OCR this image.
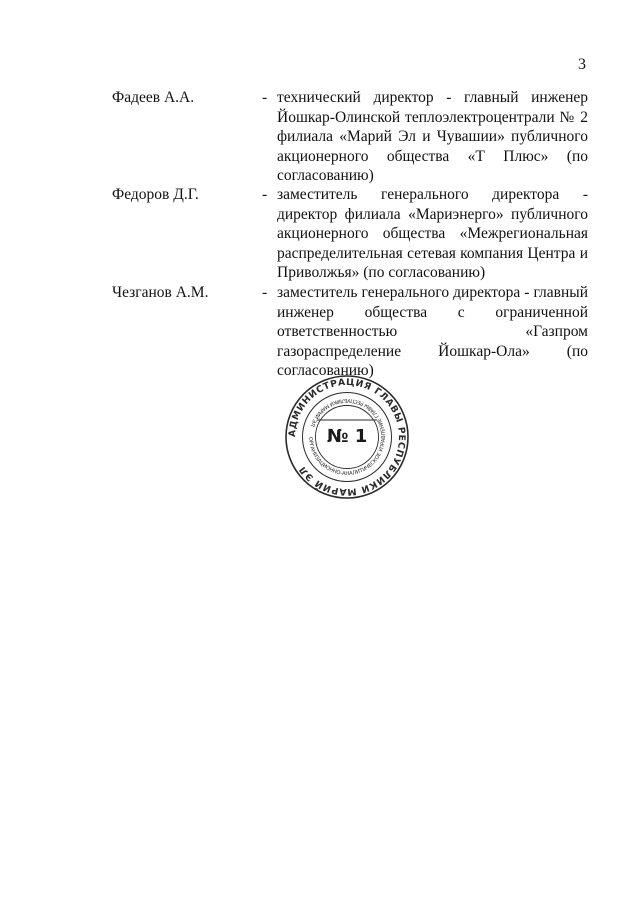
3
Фадеев А.А.	- технический директор - главный инженер Йошкар-Олинской теплоэлектроцентрали № 2 филиала «Марий Эл и Чувашии» публичного акционерного общества «Т Плюс» (по согласованию)
Федоров Д.Г.	- заместитель генерального директора - директор филиала «Мариэнерго» публичного акционерного общества «Межрегиональная распределительная сетевая компания Центра и Приволжья» (по согласованию)
Чезганов А.М.	- заместитель генерального директора - главный инженер общества с ограниченной ответственностью «Газпром газораспределение Йошкар-Ола» (по согласованию)
АДМИНИСТРАЦИЯ ГЛАВЫ РЕСПУБЛИКИ МАРИЙ ЭЛ
ОРГАНИЗАЦИОННО-АНАЛИТИЧЕСКОЕ УПРАВЛЕНИЕ ГЛАВЫ РЕСПУБЛИКИ МАРИЙ ЭЛ
№ 1
